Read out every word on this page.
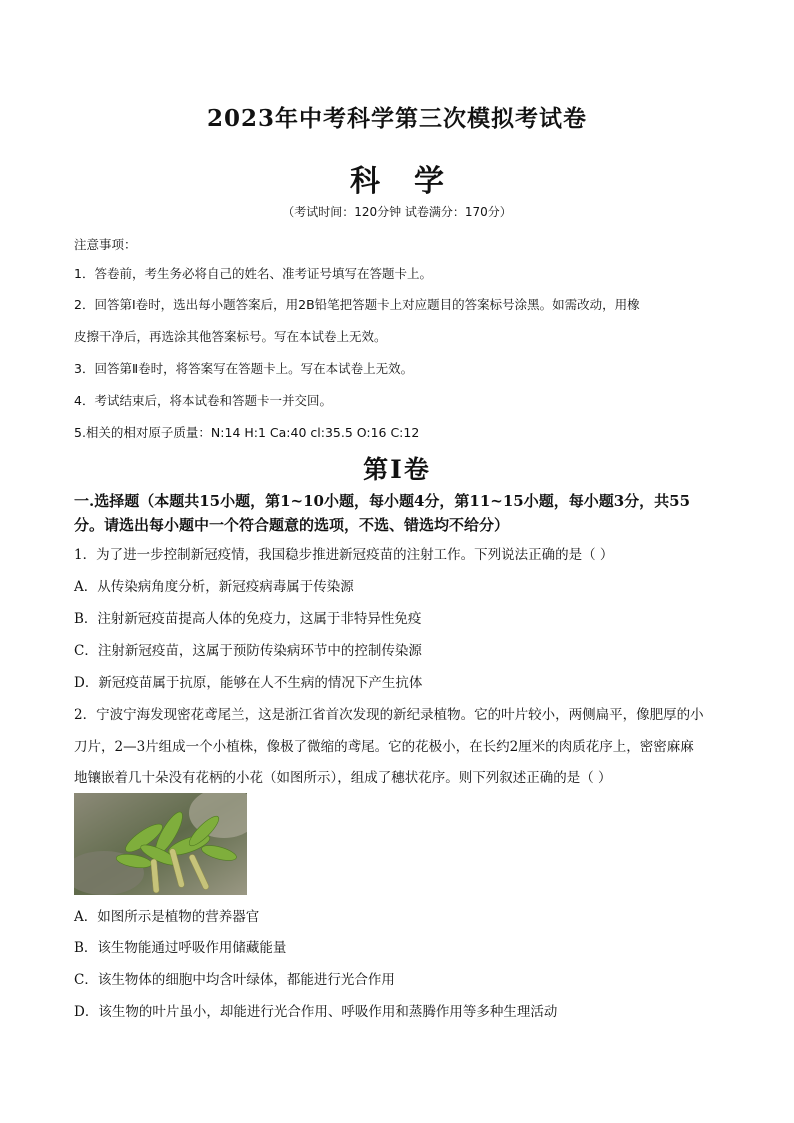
2023年中考科学第三次模拟考试卷
科学
（考试时间：120分钟 试卷满分：170分）
注意事项：
1．答卷前，考生务必将自己的姓名、准考证号填写在答题卡上。
2．回答第Ⅰ卷时，选出每小题答案后，用2B铅笔把答题卡上对应题目的答案标号涂黑。如需改动，用橡
皮擦干净后，再选涂其他答案标号。写在本试卷上无效。
3．回答第Ⅱ卷时，将答案写在答题卡上。写在本试卷上无效。
4．考试结束后，将本试卷和答题卡一并交回。
5.相关的相对原子质量：N:14 H:1 Ca:40 cl:35.5 O:16 C:12
第Ⅰ卷
一.选择题（本题共15小题，第1~10小题，每小题4分，第11~15小题，每小题3分，共55
分。请选出每小题中一个符合题意的选项，不选、错选均不给分）
1．为了进一步控制新冠疫情，我国稳步推进新冠疫苗的注射工作。下列说法正确的是（ ）
A．从传染病角度分析，新冠疫病毒属于传染源
B．注射新冠疫苗提高人体的免疫力，这属于非特异性免疫
C．注射新冠疫苗，这属于预防传染病环节中的控制传染源
D．新冠疫苗属于抗原，能够在人不生病的情况下产生抗体
2．宁波宁海发现密花鸢尾兰，这是浙江省首次发现的新纪录植物。它的叶片较小，两侧扁平，像肥厚的小
刀片，2—3片组成一个小植株，像极了微缩的鸢尾。它的花极小，在长约2厘米的肉质花序上，密密麻麻
地镶嵌着几十朵没有花柄的小花（如图所示），组成了穗状花序。则下列叙述正确的是（ ）
A．如图所示是植物的营养器官
B．该生物能通过呼吸作用储藏能量
C．该生物体的细胞中均含叶绿体，都能进行光合作用
D．该生物的叶片虽小，却能进行光合作用、呼吸作用和蒸腾作用等多种生理活动
